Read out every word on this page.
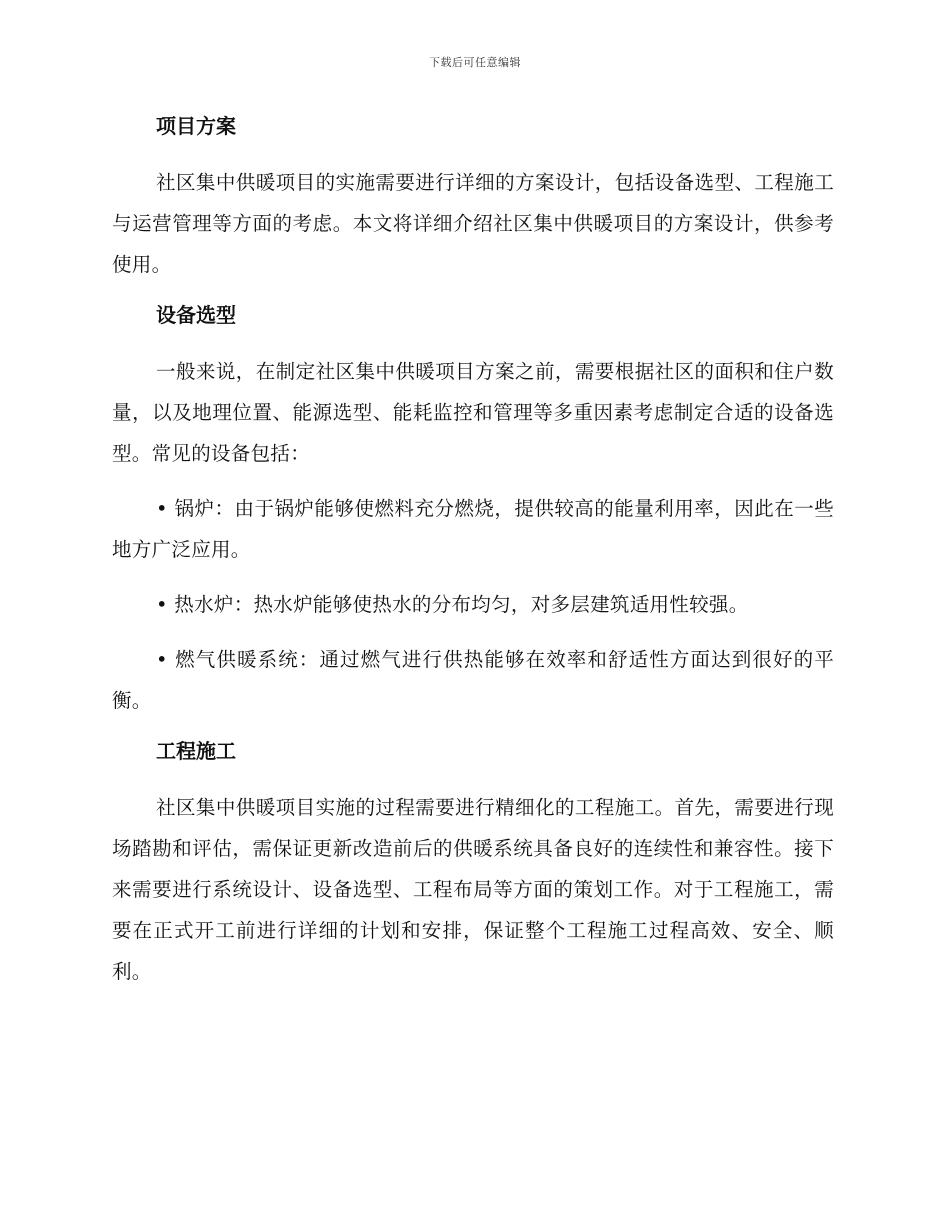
下载后可任意编辑
项目方案

社区集中供暖项目的实施需要进行详细的方案设计，包括设备选型、工程施工与运营管理等方面的考虑。本文将详细介绍社区集中供暖项目的方案设计，供参考使用。

设备选型

一般来说，在制定社区集中供暖项目方案之前，需要根据社区的面积和住户数量，以及地理位置、能源选型、能耗监控和管理等多重因素考虑制定合适的设备选型。常见的设备包括：

• 锅炉：由于锅炉能够使燃料充分燃烧，提供较高的能量利用率，因此在一些地方广泛应用。

• 热水炉：热水炉能够使热水的分布均匀，对多层建筑适用性较强。

• 燃气供暖系统：通过燃气进行供热能够在效率和舒适性方面达到很好的平衡。

工程施工

社区集中供暖项目实施的过程需要进行精细化的工程施工。首先，需要进行现场踏勘和评估，需保证更新改造前后的供暖系统具备良好的连续性和兼容性。接下来需要进行系统设计、设备选型、工程布局等方面的策划工作。对于工程施工，需要在正式开工前进行详细的计划和安排，保证整个工程施工过程高效、安全、顺利。
